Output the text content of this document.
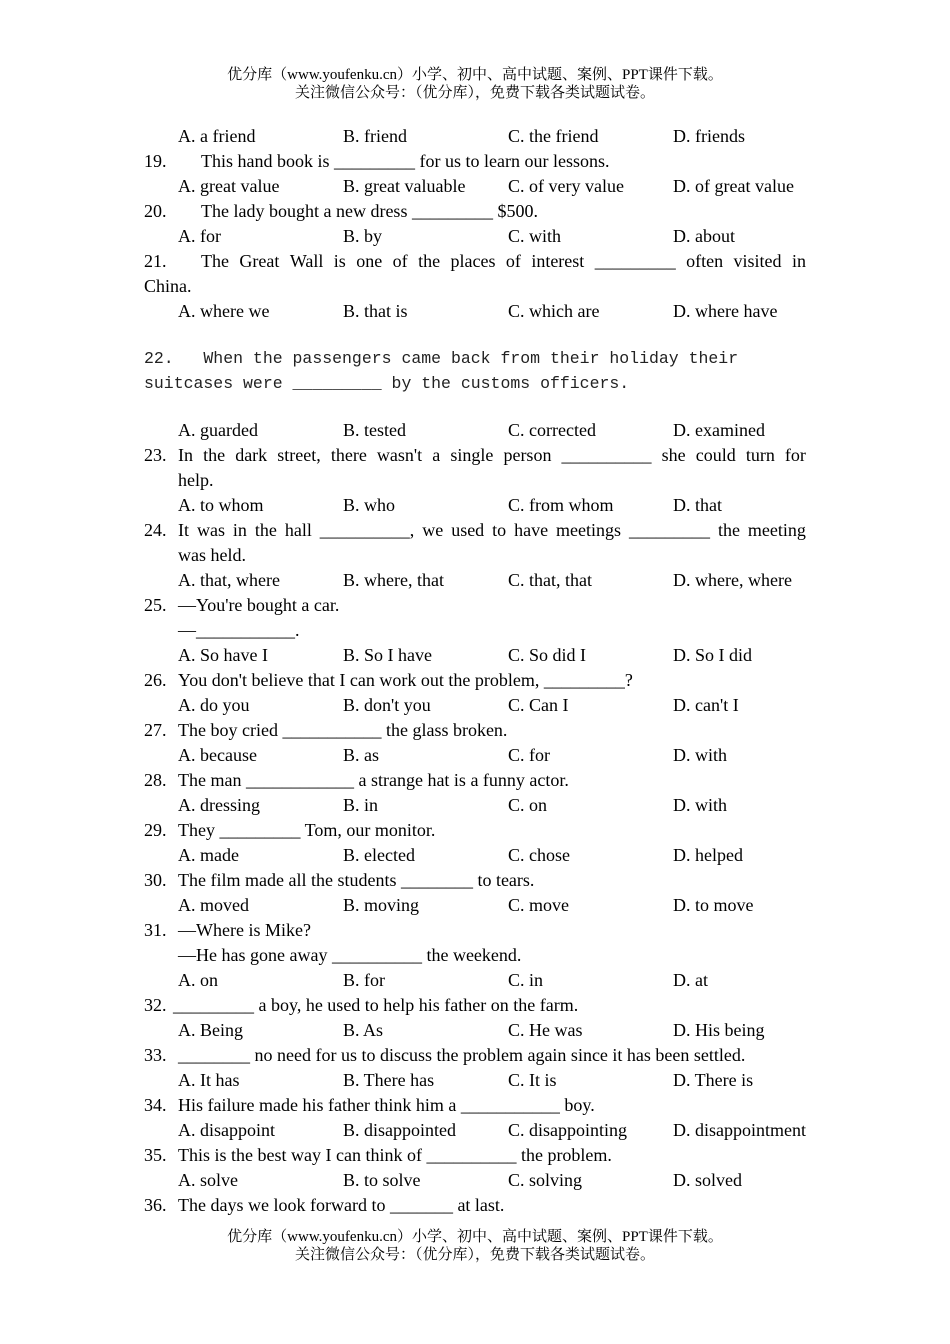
优分库（www.youfenku.cn）小学、初中、高中试题、案例、PPT课件下载。
关注微信公众号：（优分库），免费下载各类试题试卷。
A. a friend	B. friend	C. the friend	D. friends
19.	This hand book is _________ for us to learn our lessons.
A. great value	B. great valuable	C. of very value	D. of great value
20.	The lady bought a new dress _________ $500.
A. for	B. by	C. with	D. about
21.	The Great Wall is one of the places of interest _________ often visited in
China.
A. where we	B. that is	C. which are	D. where have
22.   When the passengers came back from their holiday their
suitcases were _________ by the customs officers.
A. guarded	B. tested	C. corrected	D. examined
23. In the dark street, there wasn't a single person __________ she could turn for
help.
A. to whom	B. who	C. from whom	D. that
24. It was in the hall __________, we used to have meetings _________ the meeting
was held.
A. that, where	B. where, that	C. that, that	D. where, where
25. —You're bought a car.
—___________.
A. So have I	B. So I have	C. So did I	D. So I did
26. You don't believe that I can work out the problem, _________?
A. do you	B. don't you	C. Can I	D. can't I
27. The boy cried ___________ the glass broken.
A. because	B. as	C. for	D. with
28. The man ____________ a strange hat is a funny actor.
A. dressing	B. in	C. on	D. with
29. They _________ Tom, our monitor.
A. made	B. elected	C. chose	D. helped
30. The film made all the students ________ to tears.
A. moved	B. moving	C. move	D. to move
31. —Where is Mike?
—He has gone away __________ the weekend.
A. on	B. for	C. in	D. at
32. _________ a boy, he used to help his father on the farm.
A. Being	B. As	C. He was	D. His being
33. ________ no need for us to discuss the problem again since it has been settled.
A. It has	B. There has	C. It is	D. There is
34. His failure made his father think him a ___________ boy.
A. disappoint	B. disappointed	C. disappointing	D. disappointment
35. This is the best way I can think of __________ the problem.
A. solve	B. to solve	C. solving	D. solved
36. The days we look forward to _______ at last.
优分库（www.youfenku.cn）小学、初中、高中试题、案例、PPT课件下载。
关注微信公众号：（优分库），免费下载各类试题试卷。
